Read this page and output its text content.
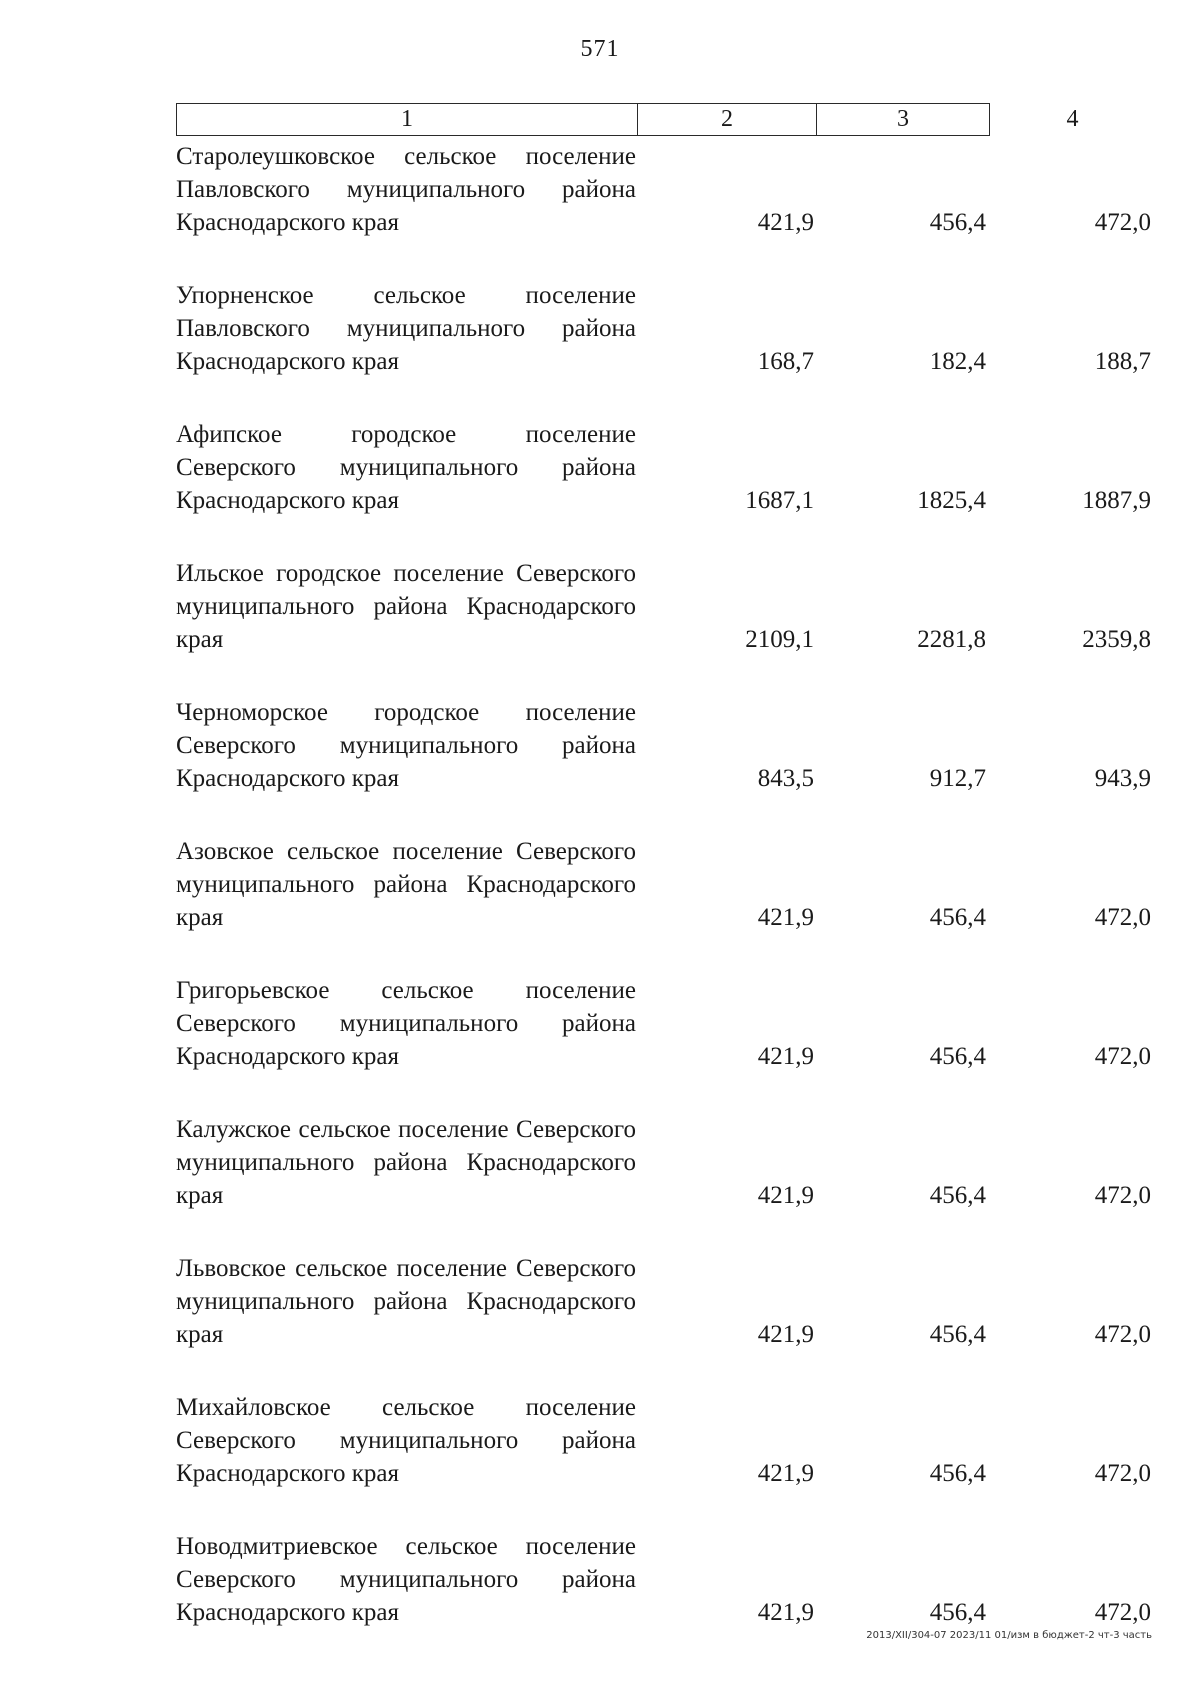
571
1	2	3	4
Старолеушковское сельское поселение Павловского муниципального района Краснодарского края	421,9	456,4	472,0
Упорненское сельское поселение Павловского муниципального района Краснодарского края	168,7	182,4	188,7
Афипское городское поселение Северского муниципального района Краснодарского края	1687,1	1825,4	1887,9
Ильское городское поселение Северского муниципального района Краснодарского края	2109,1	2281,8	2359,8
Черноморское городское поселение Северского муниципального района Краснодарского края	843,5	912,7	943,9
Азовское сельское поселение Северского муниципального района Краснодарского края	421,9	456,4	472,0
Григорьевское сельское поселение Северского муниципального района Краснодарского края	421,9	456,4	472,0
Калужское сельское поселение Северского муниципального района Краснодарского края	421,9	456,4	472,0
Львовское сельское поселение Северского муниципального района Краснодарского края	421,9	456,4	472,0
Михайловское сельское поселение Северского муниципального района Краснодарского края	421,9	456,4	472,0
Новодмитриевское сельское поселение Северского муниципального района Краснодарского края	421,9	456,4	472,0
2013/XII/304-07 2023/11 01/изм в бюджет-2 чт-3 часть
